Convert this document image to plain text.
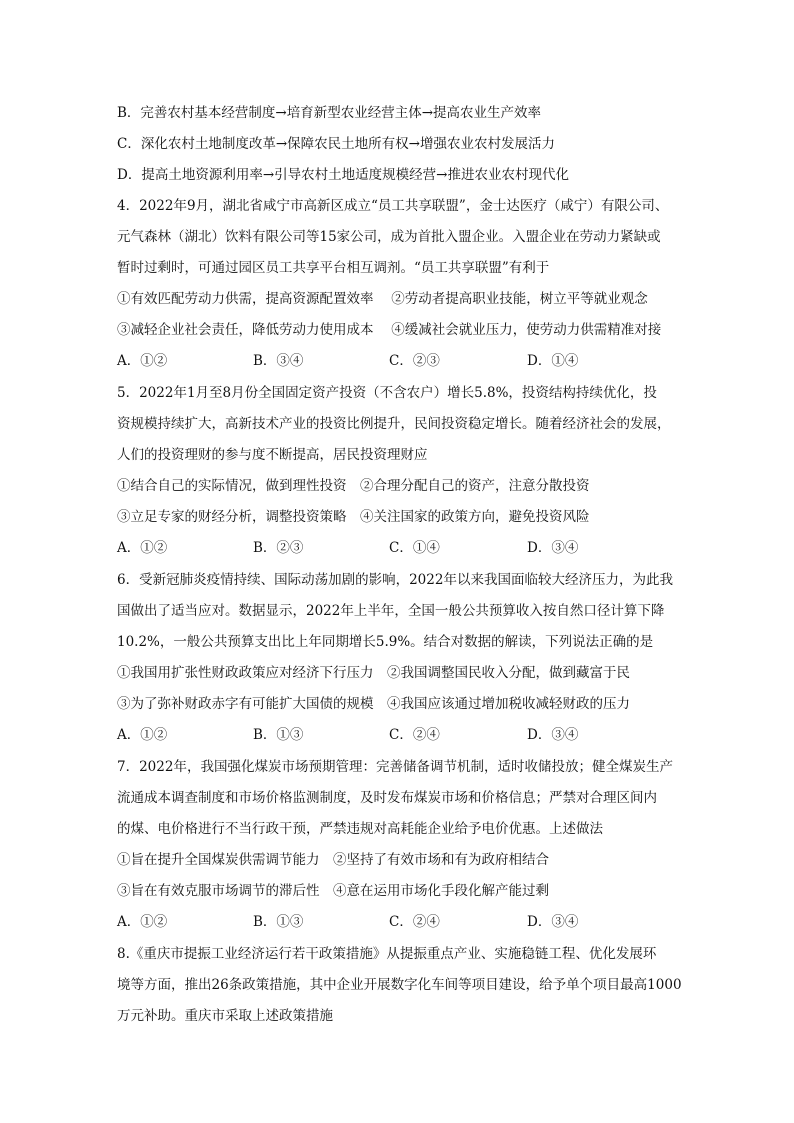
B．完善农村基本经营制度→培育新型农业经营主体→提高农业生产效率
C．深化农村土地制度改革→保障农民土地所有权→增强农业农村发展活力
D．提高土地资源利用率→引导农村土地适度规模经营→推进农业农村现代化
4．2022年9月，湖北省咸宁市高新区成立“员工共享联盟”，金士达医疗（咸宁）有限公司、
元气森林（湖北）饮料有限公司等15家公司，成为首批入盟企业。入盟企业在劳动力紧缺或
暂时过剩时，可通过园区员工共享平台相互调剂。“员工共享联盟”有利于
①有效匹配劳动力供需，提高资源配置效率　 ②劳动者提高职业技能，树立平等就业观念
③减轻企业社会责任，降低劳动力使用成本　 ④缓减社会就业压力，使劳动力供需精准对接
A．①②	B．③④	C．②③	D．①④
5．2022年1月至8月份全国固定资产投资（不含农户）增长5.8%，投资结构持续优化，投
资规模持续扩大，高新技术产业的投资比例提升，民间投资稳定增长。随着经济社会的发展，
人们的投资理财的参与度不断提高，居民投资理财应
①结合自己的实际情况，做到理性投资　②合理分配自己的资产，注意分散投资
③立足专家的财经分析，调整投资策略　④关注国家的政策方向，避免投资风险
A．①②	B．②③	C．①④	D．③④
6．受新冠肺炎疫情持续、国际动荡加剧的影响，2022年以来我国面临较大经济压力，为此我
国做出了适当应对。数据显示，2022年上半年，全国一般公共预算收入按自然口径计算下降
10.2%，一般公共预算支出比上年同期增长5.9%。结合对数据的解读，下列说法正确的是
①我国用扩张性财政政策应对经济下行压力　②我国调整国民收入分配，做到藏富于民
③为了弥补财政赤字有可能扩大国债的规模　④我国应该通过增加税收减轻财政的压力
A．①②	B．①③	C．②④	D．③④
7．2022年，我国强化煤炭市场预期管理：完善储备调节机制，适时收储投放；健全煤炭生产
流通成本调查制度和市场价格监测制度，及时发布煤炭市场和价格信息；严禁对合理区间内
的煤、电价格进行不当行政干预，严禁违规对高耗能企业给予电价优惠。上述做法
①旨在提升全国煤炭供需调节能力　②坚持了有效市场和有为政府相结合
③旨在有效克服市场调节的滞后性　④意在运用市场化手段化解产能过剩
A．①②	B．①③	C．②④	D．③④
8.《重庆市提振工业经济运行若干政策措施》从提振重点产业、实施稳链工程、优化发展环
境等方面，推出26条政策措施，其中企业开展数字化车间等项目建设，给予单个项目最高1000
万元补助。重庆市采取上述政策措施
